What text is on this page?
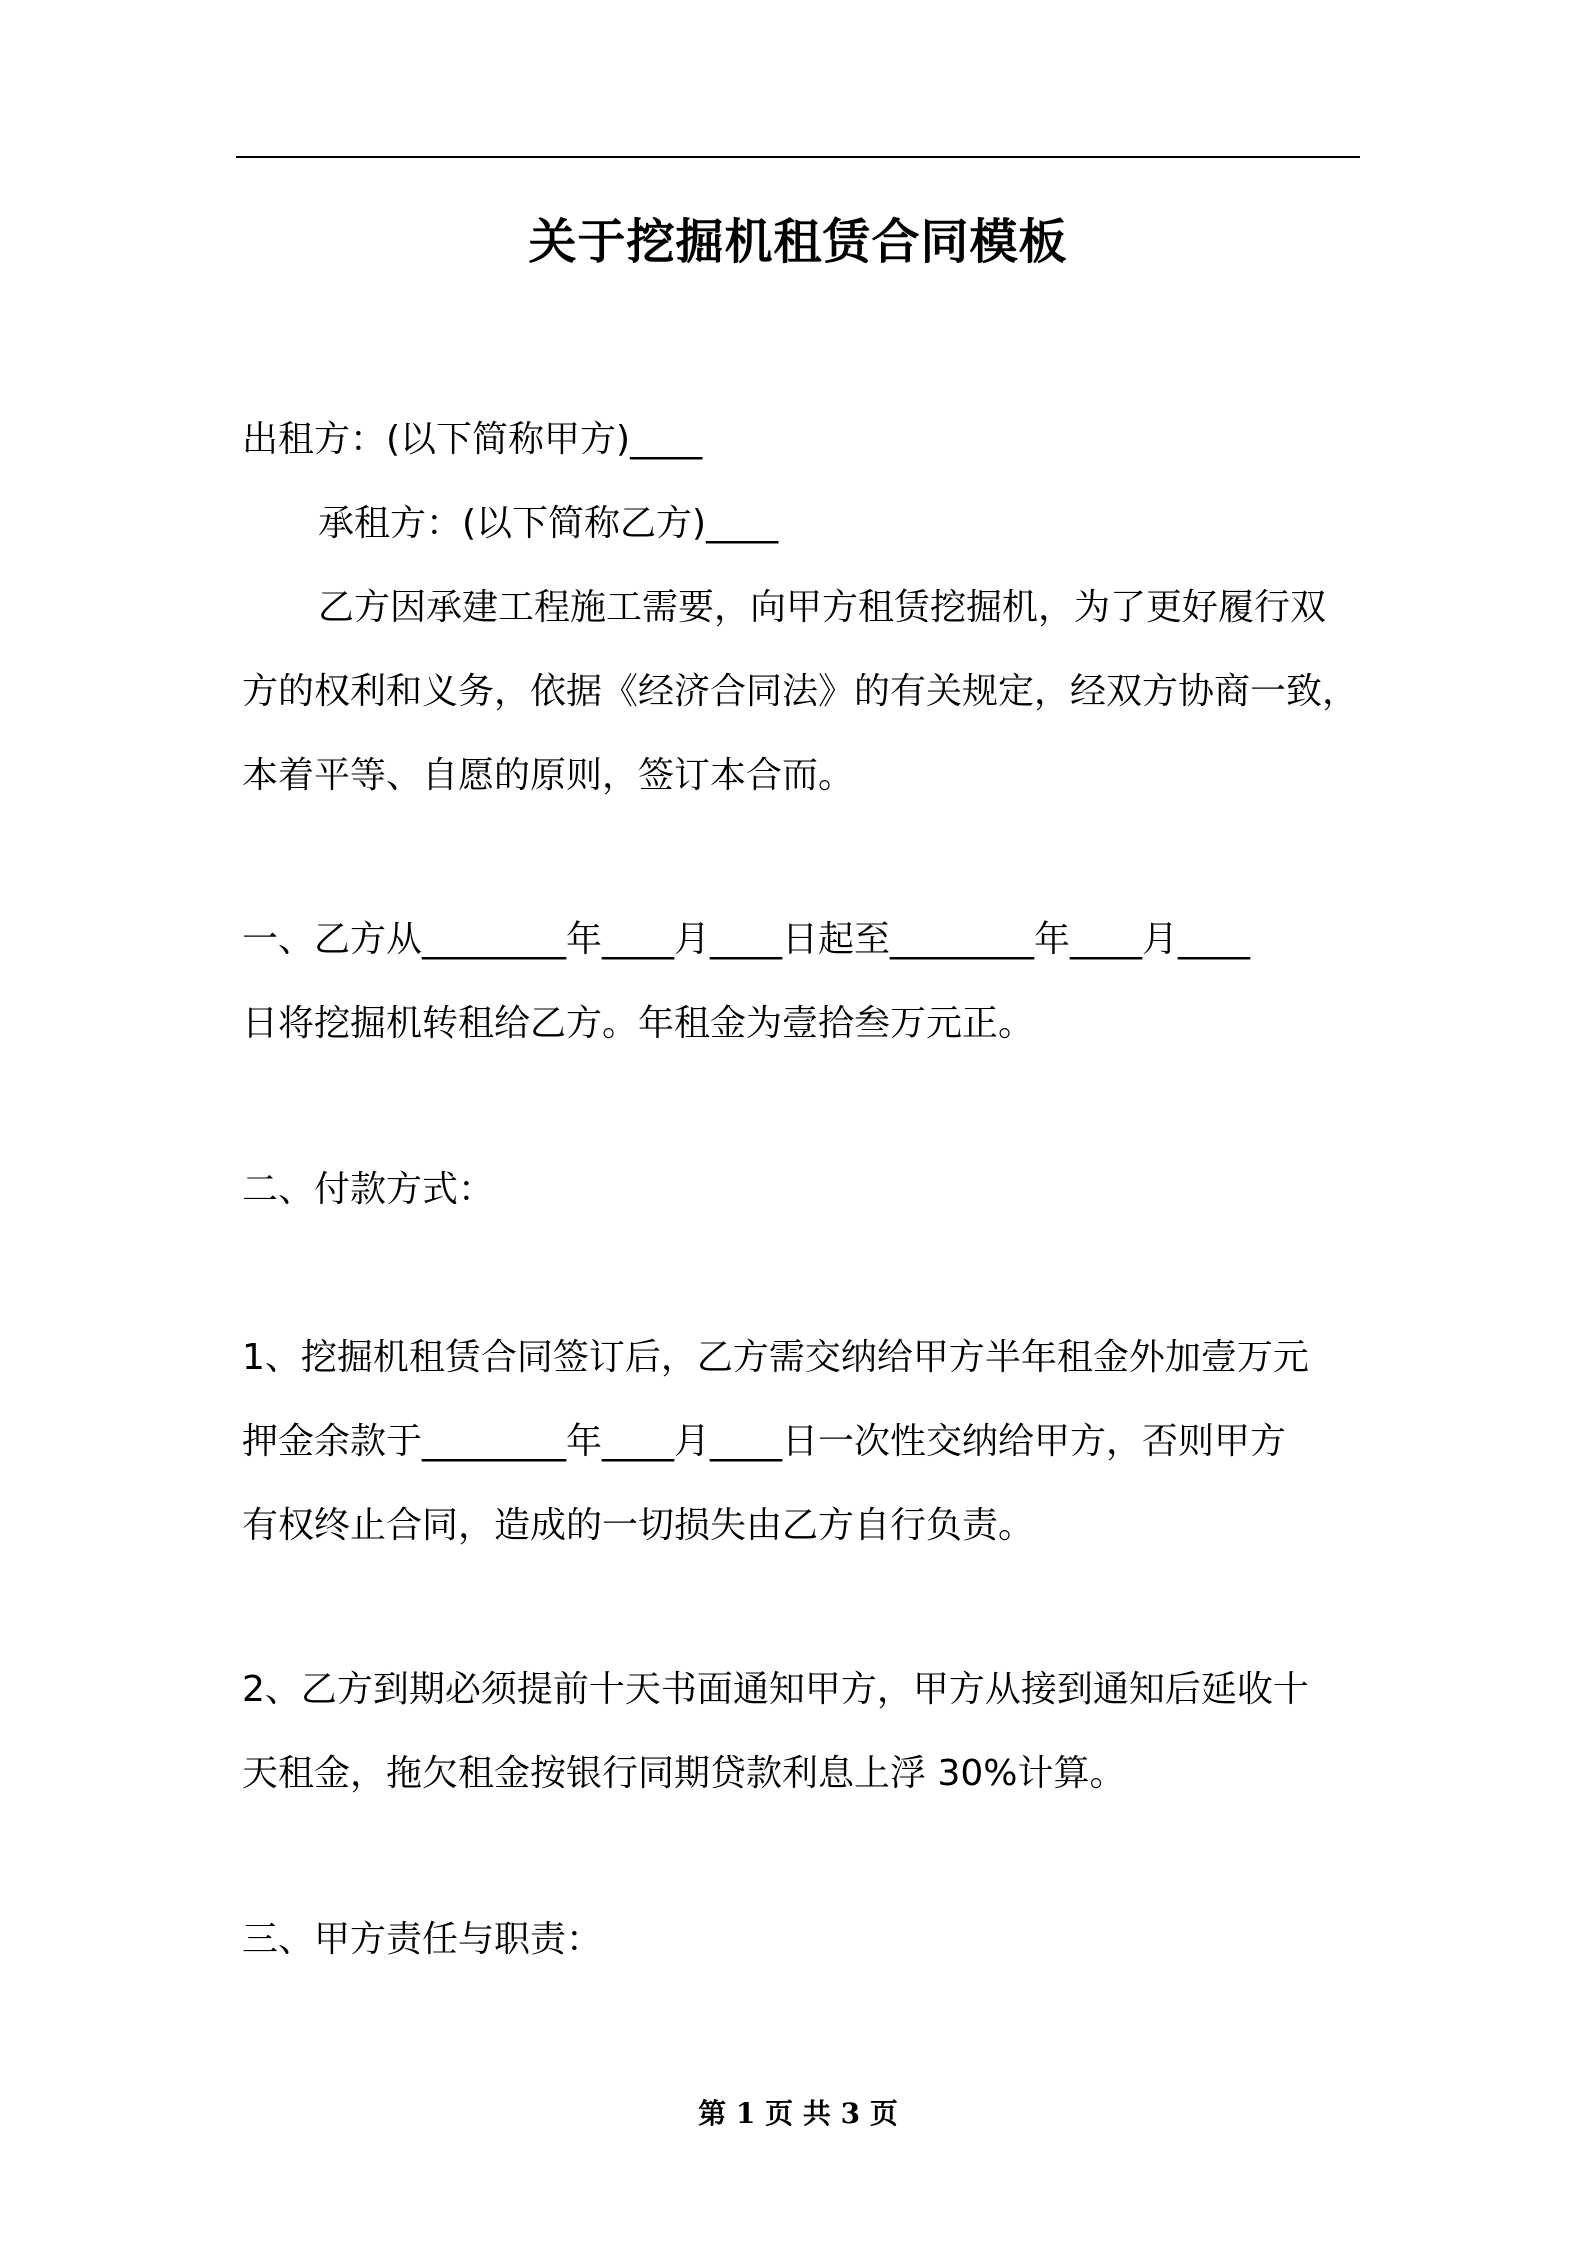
关于挖掘机租赁合同模板
出租方：(以下简称甲方)____
承租方：(以下简称乙方)____
乙方因承建工程施工需要，向甲方租赁挖掘机，为了更好履行双
方的权利和义务，依据《经济合同法》的有关规定，经双方协商一致，
本着平等、自愿的原则，签订本合而。
一、乙方从________年____月____日起至________年____月____
日将挖掘机转租给乙方。年租金为壹拾叁万元正。
二、付款方式：
1、挖掘机租赁合同签订后，乙方需交纳给甲方半年租金外加壹万元
押金余款于________年____月____日一次性交纳给甲方，否则甲方
有权终止合同，造成的一切损失由乙方自行负责。
2、乙方到期必须提前十天书面通知甲方，甲方从接到通知后延收十
天租金，拖欠租金按银行同期贷款利息上浮 30%计算。
三、甲方责任与职责：
第 1 页 共 3 页
